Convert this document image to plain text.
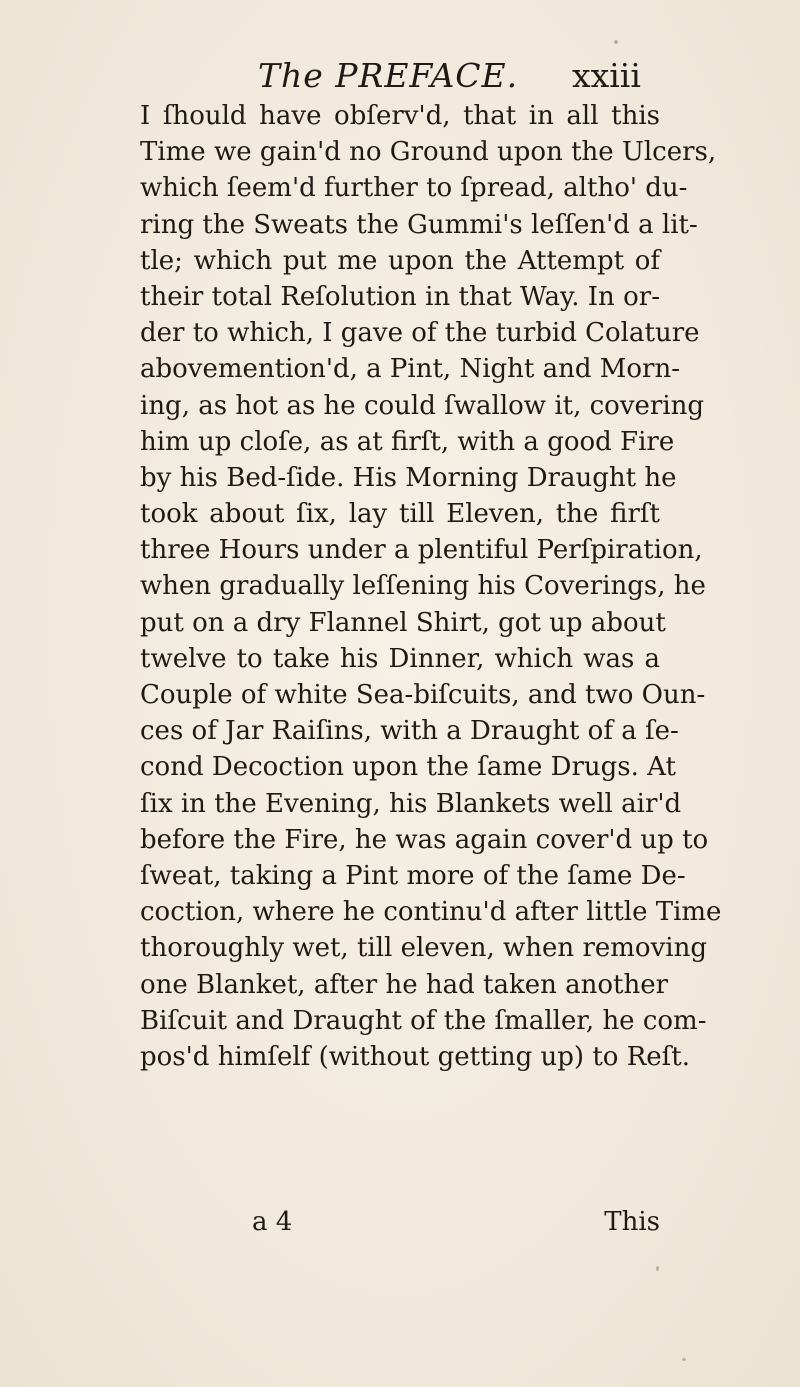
The PREFACE. xxiii
I ſhould have obſerv'd, that in all this
Time we gain'd no Ground upon the Ulcers,
which ſeem'd further to ſpread, altho' du-
ring the Sweats the Gummi's leſſen'd a lit-
tle; which put me upon the Attempt of
their total Reſolution in that Way. In or-
der to which, I gave of the turbid Colature
abovemention'd, a Pint, Night and Morn-
ing, as hot as he could ſwallow it, covering
him up cloſe, as at firſt, with a good Fire
by his Bed-ſide. His Morning Draught he
took about ſix, lay till Eleven, the firſt
three Hours under a plentiful Perſpiration,
when gradually leſſening his Coverings, he
put on a dry Flannel Shirt, got up about
twelve to take his Dinner, which was a
Couple of white Sea-biſcuits, and two Oun-
ces of Jar Raiſins, with a Draught of a ſe-
cond Decoction upon the ſame Drugs. At
ſix in the Evening, his Blankets well air'd
before the Fire, he was again cover'd up to
ſweat, taking a Pint more of the ſame De-
coction, where he continu'd after little Time
thoroughly wet, till eleven, when removing
one Blanket, after he had taken another
Biſcuit and Draught of the ſmaller, he com-
pos'd himſelf (without getting up) to Reſt.
a 4	This
